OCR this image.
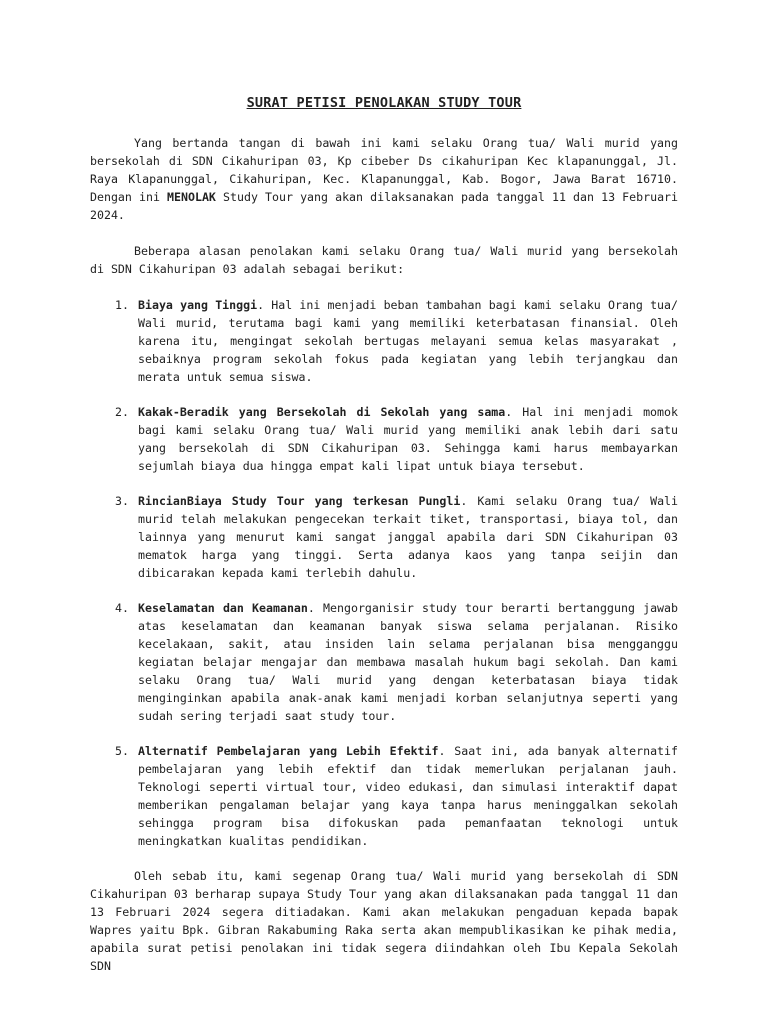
SURAT PETISI PENOLAKAN STUDY TOUR

Yang bertanda tangan di bawah ini kami selaku Orang tua/ Wali murid yang bersekolah di SDN Cikahuripan 03, Kp cibeber Ds cikahuripan Kec klapanunggal, Jl. Raya Klapanunggal, Cikahuripan, Kec. Klapanunggal, Kab. Bogor, Jawa Barat 16710. Dengan ini MENOLAK Study Tour yang akan dilaksanakan pada tanggal 11 dan 13 Februari 2024.

Beberapa alasan penolakan kami selaku Orang tua/ Wali murid yang bersekolah di SDN Cikahuripan 03 adalah sebagai berikut:

1. Biaya yang Tinggi. Hal ini menjadi beban tambahan bagi kami selaku Orang tua/ Wali murid, terutama bagi kami yang memiliki keterbatasan finansial. Oleh karena itu, mengingat sekolah bertugas melayani semua kelas masyarakat , sebaiknya program sekolah fokus pada kegiatan yang lebih terjangkau dan merata untuk semua siswa.
2. Kakak-Beradik yang Bersekolah di Sekolah yang sama. Hal ini menjadi momok bagi kami selaku Orang tua/ Wali murid yang memiliki anak lebih dari satu yang bersekolah di SDN Cikahuripan 03. Sehingga kami harus membayarkan sejumlah biaya dua hingga empat kali lipat untuk biaya tersebut.
3. RincianBiaya Study Tour yang terkesan Pungli. Kami selaku Orang tua/ Wali murid telah melakukan pengecekan terkait tiket, transportasi, biaya tol, dan lainnya yang menurut kami sangat janggal apabila dari SDN Cikahuripan 03 mematok harga yang tinggi. Serta adanya kaos yang tanpa seijin dan dibicarakan kepada kami terlebih dahulu.
4. Keselamatan dan Keamanan. Mengorganisir study tour berarti bertanggung jawab atas keselamatan dan keamanan banyak siswa selama perjalanan. Risiko kecelakaan, sakit, atau insiden lain selama perjalanan bisa mengganggu kegiatan belajar mengajar dan membawa masalah hukum bagi sekolah. Dan kami selaku Orang tua/ Wali murid yang dengan keterbatasan biaya tidak menginginkan apabila anak-anak kami menjadi korban selanjutnya seperti yang sudah sering terjadi saat study tour.
5. Alternatif Pembelajaran yang Lebih Efektif. Saat ini, ada banyak alternatif pembelajaran yang lebih efektif dan tidak memerlukan perjalanan jauh. Teknologi seperti virtual tour, video edukasi, dan simulasi interaktif dapat memberikan pengalaman belajar yang kaya tanpa harus meninggalkan sekolah sehingga program bisa difokuskan pada pemanfaatan teknologi untuk meningkatkan kualitas pendidikan.

Oleh sebab itu, kami segenap Orang tua/ Wali murid yang bersekolah di SDN Cikahuripan 03 berharap supaya Study Tour yang akan dilaksanakan pada tanggal 11 dan 13 Februari 2024 segera ditiadakan. Kami akan melakukan pengaduan kepada bapak Wapres yaitu Bpk. Gibran Rakabuming Raka serta akan mempublikasikan ke pihak media, apabila surat petisi penolakan ini tidak segera diindahkan oleh Ibu Kepala Sekolah SDN
